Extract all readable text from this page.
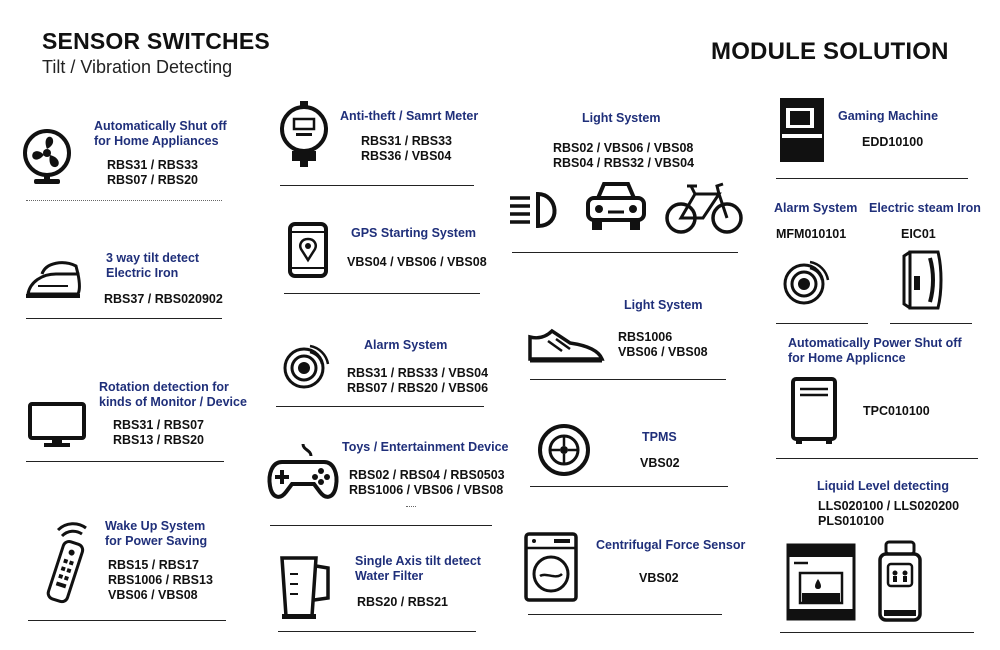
SENSOR SWITCHES
Tilt / Vibration Detecting
MODULE SOLUTION
Automatically Shut off
for Home Appliances
RBS31 / RBS33
RBS07 / RBS20
3 way tilt detect
Electric Iron
RBS37 / RBS020902
Rotation detection for
kinds of Monitor / Device
RBS31 / RBS07
RBS13 / RBS20
Wake Up System
for Power Saving
RBS15 / RBS17
RBS1006 / RBS13
VBS06 / VBS08
Anti-theft / Samrt Meter
RBS31 / RBS33
RBS36 / VBS04
GPS Starting System
VBS04 / VBS06 / VBS08
Alarm System
RBS31 / RBS33 / VBS04
RBS07 / RBS20 / VBS06
Toys / Entertainment Device
RBS02 / RBS04 / RBS0503
RBS1006 / VBS06 / VBS08
Single Axis tilt detect
Water Filter
RBS20 / RBS21
Light System
RBS02 / VBS06 / VBS08
RBS04 / RBS32 / VBS04
Light System
RBS1006
VBS06 / VBS08
TPMS
VBS02
Centrifugal Force Sensor
VBS02
Gaming Machine
EDD10100
Alarm System
MFM010101
Electric steam Iron
EIC01
Automatically Power Shut off
for Home Applicnce
TPC010100
Liquid Level detecting
LLS020100 / LLS020200
PLS010100
